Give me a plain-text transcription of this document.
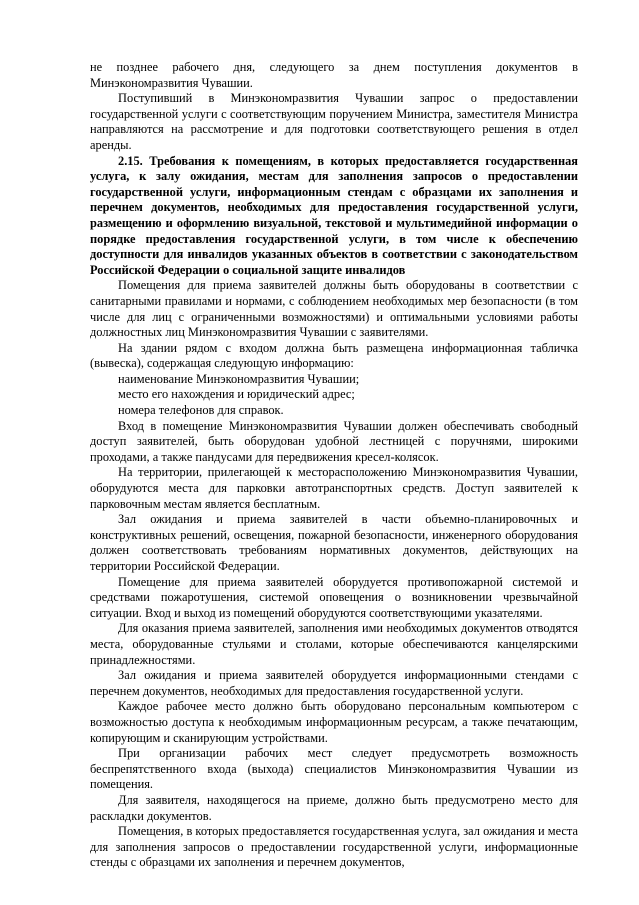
не позднее рабочего дня, следующего за днем поступления документов в Минэкономразвития Чувашии.

Поступивший в Минэкономразвития Чувашии запрос о предоставлении государственной услуги с соответствующим поручением Министра, заместителя Министра направляются на рассмотрение и для подготовки соответствующего решения в отдел аренды.

2.15. Требования к помещениям, в которых предоставляется государственная услуга, к залу ожидания, местам для заполнения запросов о предоставлении государственной услуги, информационным стендам с образцами их заполнения и перечнем документов, необходимых для предоставления государственной услуги, размещению и оформлению визуальной, текстовой и мультимедийной информации о порядке предоставления государственной услуги, в том числе к обеспечению доступности для инвалидов указанных объектов в соответствии с законодательством Российской Федерации о социальной защите инвалидов

Помещения для приема заявителей должны быть оборудованы в соответствии с санитарными правилами и нормами, с соблюдением необходимых мер безопасности (в том числе для лиц с ограниченными возможностями) и оптимальными условиями работы должностных лиц Минэкономразвития Чувашии с заявителями.

На здании рядом с входом должна быть размещена информационная табличка (вывеска), содержащая следующую информацию:

наименование Минэкономразвития Чувашии;

место его нахождения и юридический адрес;

номера телефонов для справок.

Вход в помещение Минэкономразвития Чувашии должен обеспечивать свободный доступ заявителей, быть оборудован удобной лестницей с поручнями, широкими проходами, а также пандусами для передвижения кресел-колясок.

На территории, прилегающей к месторасположению Минэкономразвития Чувашии, оборудуются места для парковки автотранспортных средств. Доступ заявителей к парковочным местам является бесплатным.

Зал ожидания и приема заявителей в части объемно-планировочных и конструктивных решений, освещения, пожарной безопасности, инженерного оборудования должен соответствовать требованиям нормативных документов, действующих на территории Российской Федерации.

Помещение для приема заявителей оборудуется противопожарной системой и средствами пожаротушения, системой оповещения о возникновении чрезвычайной ситуации. Вход и выход из помещений оборудуются соответствующими указателями.

Для оказания приема заявителей, заполнения ими необходимых документов отводятся места, оборудованные стульями и столами, которые обеспечиваются канцелярскими принадлежностями.

Зал ожидания и приема заявителей оборудуется информационными стендами с перечнем документов, необходимых для предоставления государственной услуги.

Каждое рабочее место должно быть оборудовано персональным компьютером с возможностью доступа к необходимым информационным ресурсам, а также печатающим, копирующим и сканирующим устройствами.

При организации рабочих мест следует предусмотреть возможность беспрепятственного входа (выхода) специалистов Минэкономразвития Чувашии из помещения.

Для заявителя, находящегося на приеме, должно быть предусмотрено место для раскладки документов.

Помещения, в которых предоставляется государственная услуга, зал ожидания и места для заполнения запросов о предоставлении государственной услуги, информационные стенды с образцами их заполнения и перечнем документов,
